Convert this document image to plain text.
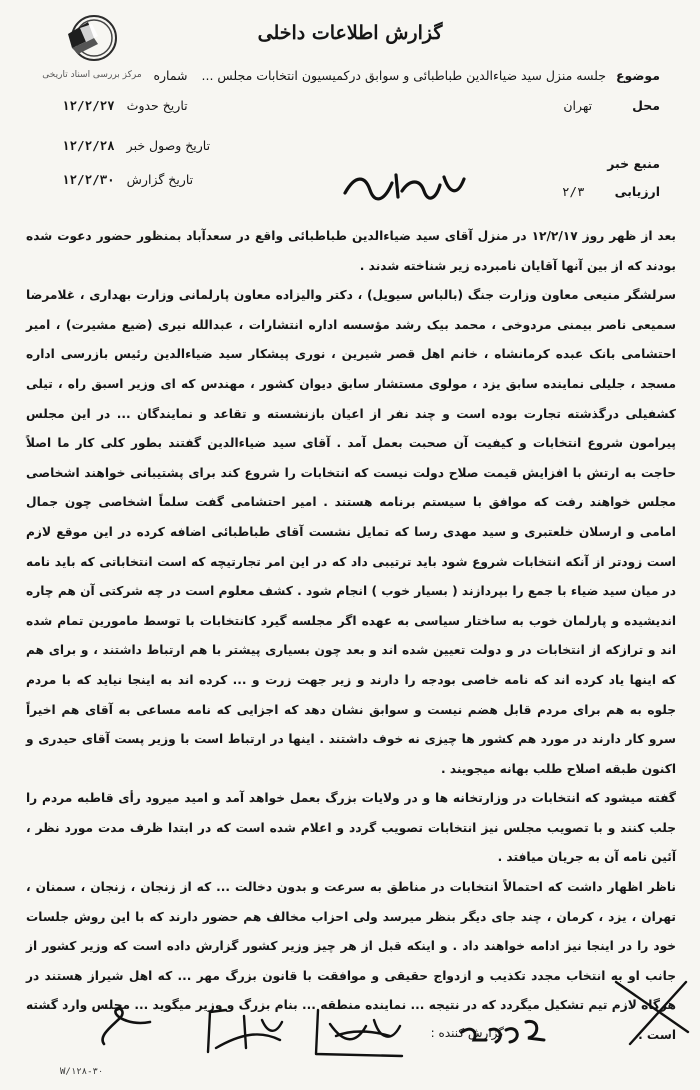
مرکز بررسی اسناد تاریخی
گزارش اطلاعات داخلی
موضوع جلسه منزل سید ضیاءالدین طباطبائی و سوابق درکمیسیون انتخابات مجلس ... شماره
محل تهران

منبع خبر
ارزیابی ۲/۳
تاریخ حدوث ۱۲/۲/۲۷
تاریخ وصول خبر ۱۲/۲/۲۸
تاریخ گزارش ۱۲/۲/۳۰

بعد از ظهر روز ۱۲/۲/۱۷ در منزل آقای سید ضیاءالدین طباطبائی واقع در سعدآباد بمنظور حضور دعوت شده بودند که از بین آنها آقایان نامبرده زیر شناخته شدند .

سرلشگر منیعی معاون وزارت جنگ (بالباس سیویل) ، دکتر والیزاده معاون پارلمانی وزارت بهداری ، غلامرضا سمیعی ناصر بیمنی مردوخی ، محمد بیک رشد مؤسسه اداره انتشارات ، عبدالله نیری (ضیع مشیرت) ، امیر احتشامی بانک عبده کرمانشاه ، خانم اهل قصر شیرین ، نوری پیشکار سید ضیاءالدین رئیس بازرسی اداره مسجد ، جلیلی نماینده سابق یزد ، مولوی مستشار سابق دیوان کشور ، مهندس که ای وزیر اسبق راه ، تیلی کشفیلی درگذشته تجارت بوده است و چند نفر از اعیان بازنشسته و تقاعد و نمایندگان ... در این مجلس پیرامون شروع انتخابات و کیفیت آن صحبت بعمل آمد . آقای سید ضیاءالدین گفتند بطور کلی کار ما اصلاً حاجت به ارتش با افزایش قیمت صلاح دولت نیست که انتخابات را شروع کند برای پشتیبانی خواهند اشخاصی مجلس خواهند رفت که موافق با سیستم برنامه هستند . امیر احتشامی گفت سلماً اشخاصی چون جمال امامی و ارسلان خلعتبری و سید مهدی رسا که تمایل نشست آقای طباطبائی اضافه کرده در این موقع لازم است زودتر از آنکه انتخابات شروع شود باید ترتیبی داد که در این امر تجارتیچه که است انتخاباتی که باید نامه در میان سید ضیاء با جمع را بپردازند ( بسیار خوب ) انجام شود . کشف معلوم است در چه شرکتی آن هم چاره اندیشیده و پارلمان خوب به ساختار سیاسی به عهده اگر مجلسه گیرد کانتخابات با توسط مامورین تمام شده اند و ترازکه از انتخابات در و دولت تعیین شده اند و بعد چون بسیاری پیشتر با هم ارتباط داشتند ، و برای هم که اینها یاد کرده اند که نامه خاصی بودجه را دارند و زیر جهت زرت و ... کرده اند به اینجا نیاید که با مردم جلوه به هم برای مردم قابل هضم نیست و سوابق نشان دهد که اجزایی که نامه مساعی به آقای هم اخیراً سرو کار دارند در مورد هم کشور ها چیزی نه خوف داشتند . اینها در ارتباط است با وزیر پست آقای حیدری و اکنون طبقه اصلاح طلب بهانه میجویند .

گفته میشود که انتخابات در وزارتخانه ها و در ولایات بزرگ بعمل خواهد آمد و امید میرود رأی قاطبه مردم را جلب کنند و با تصویب مجلس نیز انتخابات تصویب گردد و اعلام شده است که در ابتدا ظرف مدت مورد نظر ، آئین نامه آن به جریان میافتد .

ناظر اظهار داشت که احتمالاً انتخابات در مناطق به سرعت و بدون دخالت ... که از زنجان ، زنجان ، سمنان ، تهران ، یزد ، کرمان ، چند جای دیگر بنظر میرسد ولی احزاب مخالف هم حضور دارند که با این روش جلسات خود را در اینجا نیز ادامه خواهند داد . و اینکه قبل از هر چیز وزیر کشور گزارش داده است که وزیر کشور از جانب او به انتخاب مجدد تکذیب و ازدواج حقیقی و موافقت با قانون بزرگ مهر ... که اهل شیراز هستند در هرگاه لازم تیم تشکیل میگردد که در نتیجه ... نماینده منطقه ... بنام بزرگ و وزیر میگوید ... مجلس وارد گشته است .

گزارش کننده :
W/۱۲۸-۳۰
